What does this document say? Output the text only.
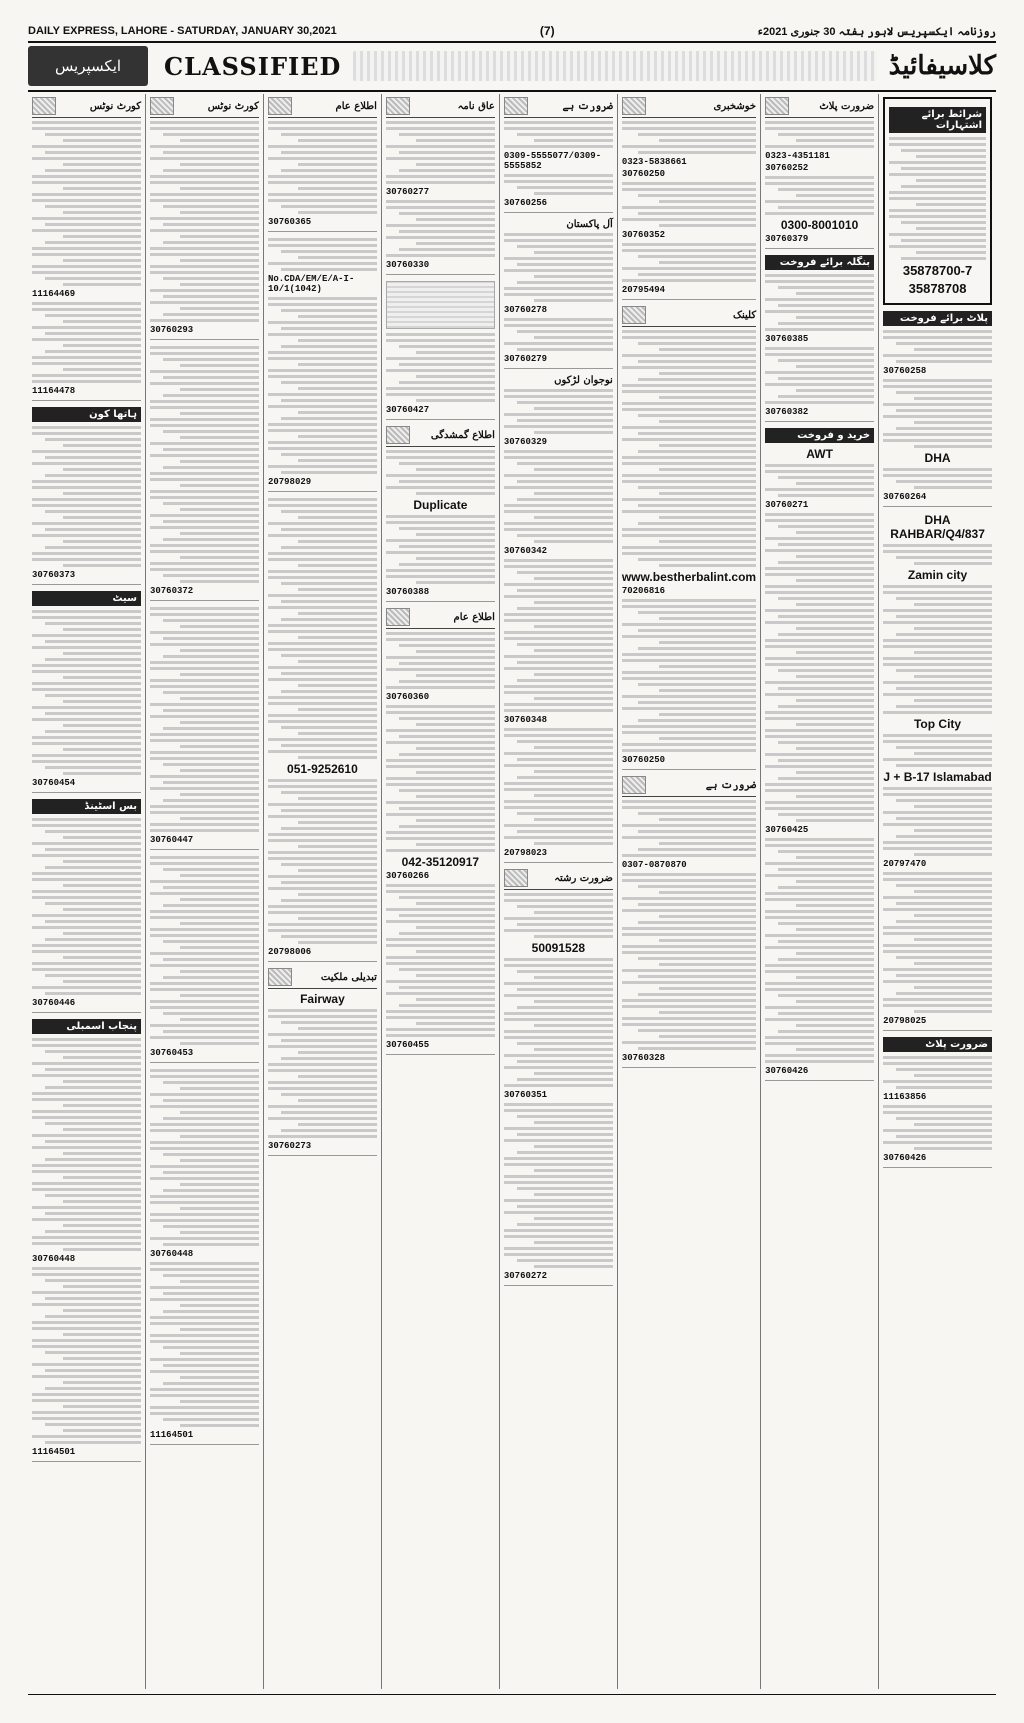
DAILY EXPRESS, LAHORE - SATURDAY, JANUARY 30,2021	(7)	روزنامہ ایکسپریس لاہور ہفتہ 30 جنوری 2021ء
ایکسپریس	CLASSIFIED	کلاسیفائیڈ
کورٹ نوٹس
11164469
11164478
ہاتھا کون
30760373
سیٹ
30760454
بس اسٹینڈ
30760446
پنجاب اسمبلی
30760448
11164501
کورٹ نوٹس
30760293
30760372
30760447
30760453
30760448
11164501
اطلاع عام
30760365
No.CDA/EM/E/A-I-10/1(1042)
20798029
051-9252610
20798006
تبدیلی ملکیت
Fairway
30760273
عاق نامہ
30760277
30760330
30760427
اطلاع گمشدگی
Duplicate
30760388
اطلاع عام
30760360
042-35120917
30760266
30760455
ضرورت ہے
0309-5555077/0309-5555852
30760256
آل پاکستان
30760278
30760279
نوجوان لڑکوں
30760329
30760342
30760348
20798023
ضرورت رشتہ
50091528
30760351
30760272
خوشخبری
0323-5838661
30760250
30760352
20795494
کلینک
www.bestherbalint.com
70206816
30760250
ضرورت ہے
0307-0870870
30760328
ضرورت پلاٹ
0323-4351181
30760252
0300-8001010
30760379
بنگلہ برائے فروخت
30760385
30760382
خرید و فروخت
AWT
30760271
30760425
30760426
شرائط برائے اشتہارات
35878700-7
35878708
پلاٹ برائے فروخت
30760258
DHA
30760264
DHA RAHBAR/Q4/837
Zamin city
Top City
J + B-17 Islamabad
20797470
20798025
ضرورت پلاٹ
11163856
30760426
